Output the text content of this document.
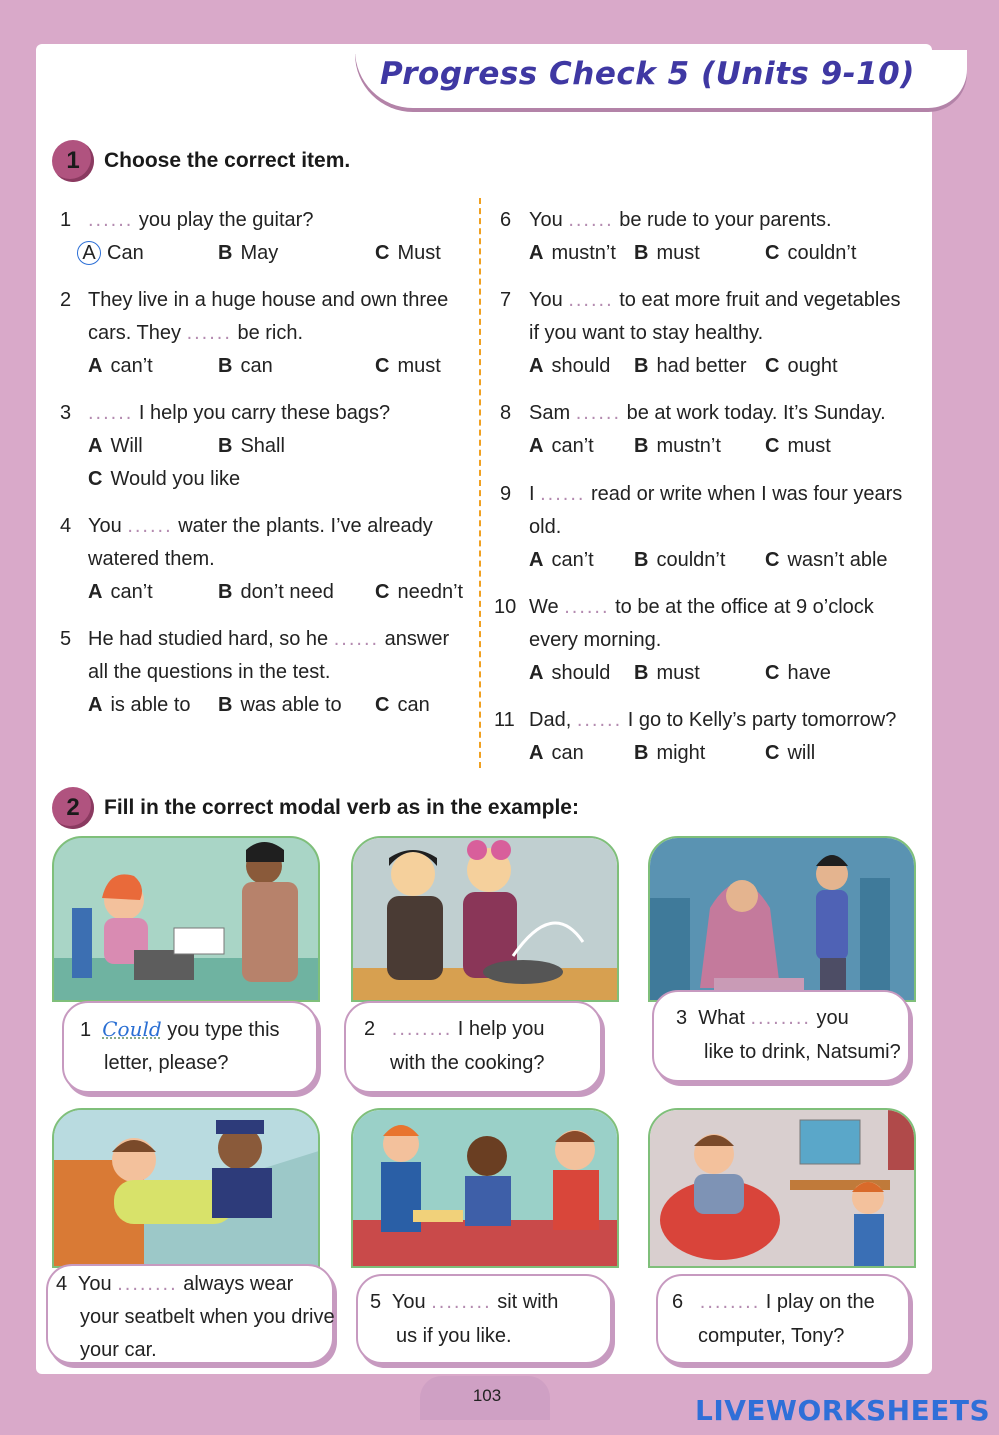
Progress Check 5 (Units 9-10)
1	Choose the correct item.
1 ...... you play the guitar?
A Can	B May	C Must
2 They live in a huge house and own three
cars. They ...... be rich.
A can’t	B can	C must
3 ...... I help you carry these bags?
A Will	B Shall
C Would you like
4 You ...... water the plants. I’ve already
watered them.
A can’t	B don’t need C needn’t
5 He had studied hard, so he ...... answer
all the questions in the test.
A is able to B was able to C can
6 You ...... be rude to your parents.
A mustn’t B must	C couldn’t
7 You ...... to eat more fruit and vegetables
if you want to stay healthy.
A should B had better C ought
8 Sam ...... be at work today. It’s Sunday.
A can’t B mustn’t C must
9 I ...... read or write when I was four years
old.
A can’t B couldn’t C wasn’t able
10 We ...... to be at the office at 9 o’clock
every morning.
A should B must	C have
11 Dad, ...... I go to Kelly’s party tomorrow?
A can	B might	C will
2	Fill in the correct modal verb as in the example:
1 Could you type this
letter, please?
2 ........ I help you
with the cooking?
3 What ........ you
like to drink, Natsumi?
4 You ........ always wear
your seatbelt when you drive
your car.
5 You ........ sit with
us if you like.
6 ........ I play on the
computer, Tony?
103	LIVEWORKSHEETS
